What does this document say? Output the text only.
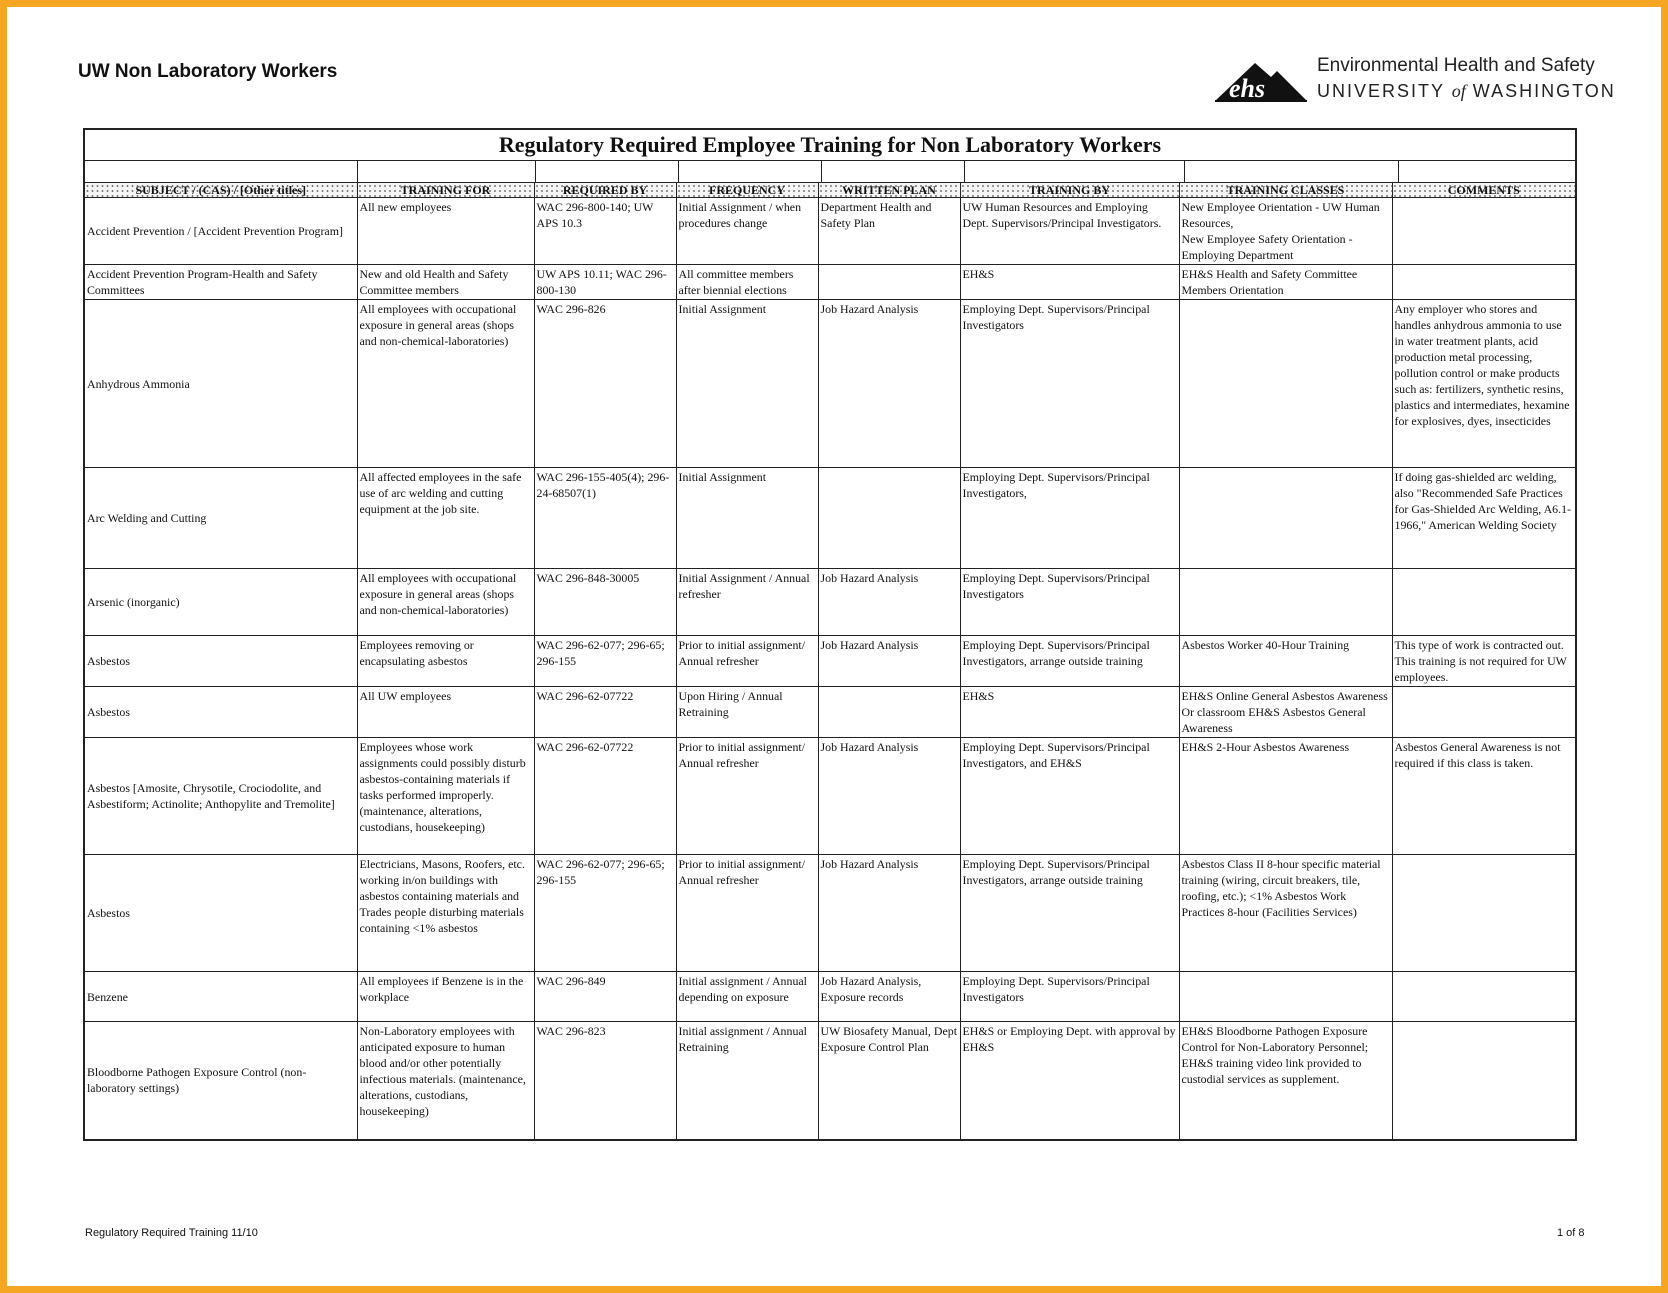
UW Non Laboratory Workers
ehs
Environmental Health and Safety
UNIVERSITY of WASHINGTON
Regulatory Required Employee Training for Non Laboratory Workers
SUBJECT / (CAS) / [Other titles]	TRAINING FOR	REQUIRED BY	FREQUENCY	WRITTEN PLAN	TRAINING BY	TRAINING CLASSES	COMMENTS
Accident Prevention / [Accident Prevention Program]	All new employees	WAC 296-800-140; UW APS 10.3	Initial Assignment / when procedures change	Department Health and Safety Plan	UW Human Resources and Employing Dept. Supervisors/Principal Investigators.	New Employee Orientation - UW Human Resources,
New Employee Safety Orientation - Employing Department	
Accident Prevention Program-Health and Safety Committees	New and old Health and Safety Committee members	UW APS 10.11; WAC 296-800-130	All committee members after biennial elections		EH&S	EH&S Health and Safety Committee Members Orientation	
Anhydrous Ammonia	All employees with occupational exposure in general areas (shops and non-chemical-laboratories)	WAC 296-826	Initial Assignment	Job Hazard Analysis	Employing Dept. Supervisors/Principal Investigators		Any employer who stores and handles anhydrous ammonia to use in water treatment plants, acid production metal processing, pollution control or make products such as: fertilizers, synthetic resins, plastics and intermediates, hexamine for explosives, dyes, insecticides
Arc Welding and Cutting	All affected employees in the safe use of arc welding and cutting equipment at the job site.	WAC 296-155-405(4); 296-24-68507(1)	Initial Assignment		Employing Dept. Supervisors/Principal Investigators,		If doing gas-shielded arc welding, also "Recommended Safe Practices for Gas-Shielded Arc Welding, A6.1-1966," American Welding Society
Arsenic (inorganic)	All employees with occupational exposure in general areas (shops and non-chemical-laboratories)	WAC 296-848-30005	Initial Assignment / Annual refresher	Job Hazard Analysis	Employing Dept. Supervisors/Principal Investigators		
Asbestos	Employees removing or encapsulating asbestos	WAC 296-62-077; 296-65; 296-155	Prior to initial assignment/ Annual refresher	Job Hazard Analysis	Employing Dept. Supervisors/Principal Investigators, arrange outside training	Asbestos Worker 40-Hour Training	This type of work is contracted out. This training is not required for UW employees.
Asbestos	All UW employees	WAC 296-62-07722	Upon Hiring / Annual Retraining		EH&S	EH&S Online General Asbestos Awareness Or classroom EH&S Asbestos General Awareness	
Asbestos [Amosite, Chrysotile, Crociodolite, and Asbestiform; Actinolite; Anthopylite and Tremolite]	Employees whose work assignments could possibly disturb asbestos-containing materials if tasks performed improperly. (maintenance, alterations, custodians, housekeeping)	WAC 296-62-07722	Prior to initial assignment/ Annual refresher	Job Hazard Analysis	Employing Dept. Supervisors/Principal Investigators, and EH&S	EH&S 2-Hour Asbestos Awareness	Asbestos General Awareness is not required if this class is taken.
Asbestos	Electricians, Masons, Roofers, etc. working in/on buildings with asbestos containing materials and Trades people disturbing materials containing <1% asbestos	WAC 296-62-077; 296-65; 296-155	Prior to initial assignment/ Annual refresher	Job Hazard Analysis	Employing Dept. Supervisors/Principal Investigators, arrange outside training	Asbestos Class II 8-hour specific material training (wiring, circuit breakers, tile, roofing, etc.); <1% Asbestos Work Practices 8-hour (Facilities Services)	
Benzene	All employees if Benzene is in the workplace	WAC 296-849	Initial assignment / Annual depending on exposure	Job Hazard Analysis, Exposure records	Employing Dept. Supervisors/Principal Investigators		
Bloodborne Pathogen Exposure Control (non-laboratory settings)	Non-Laboratory employees with anticipated exposure to human blood and/or other potentially infectious materials. (maintenance, alterations, custodians, housekeeping)	WAC 296-823	Initial assignment / Annual Retraining	UW Biosafety Manual, Dept Exposure Control Plan	EH&S or Employing Dept. with approval by EH&S	EH&S Bloodborne Pathogen Exposure Control for Non-Laboratory Personnel; EH&S training video link provided to custodial services as supplement.	
Regulatory Required Training 11/10	1 of 8
